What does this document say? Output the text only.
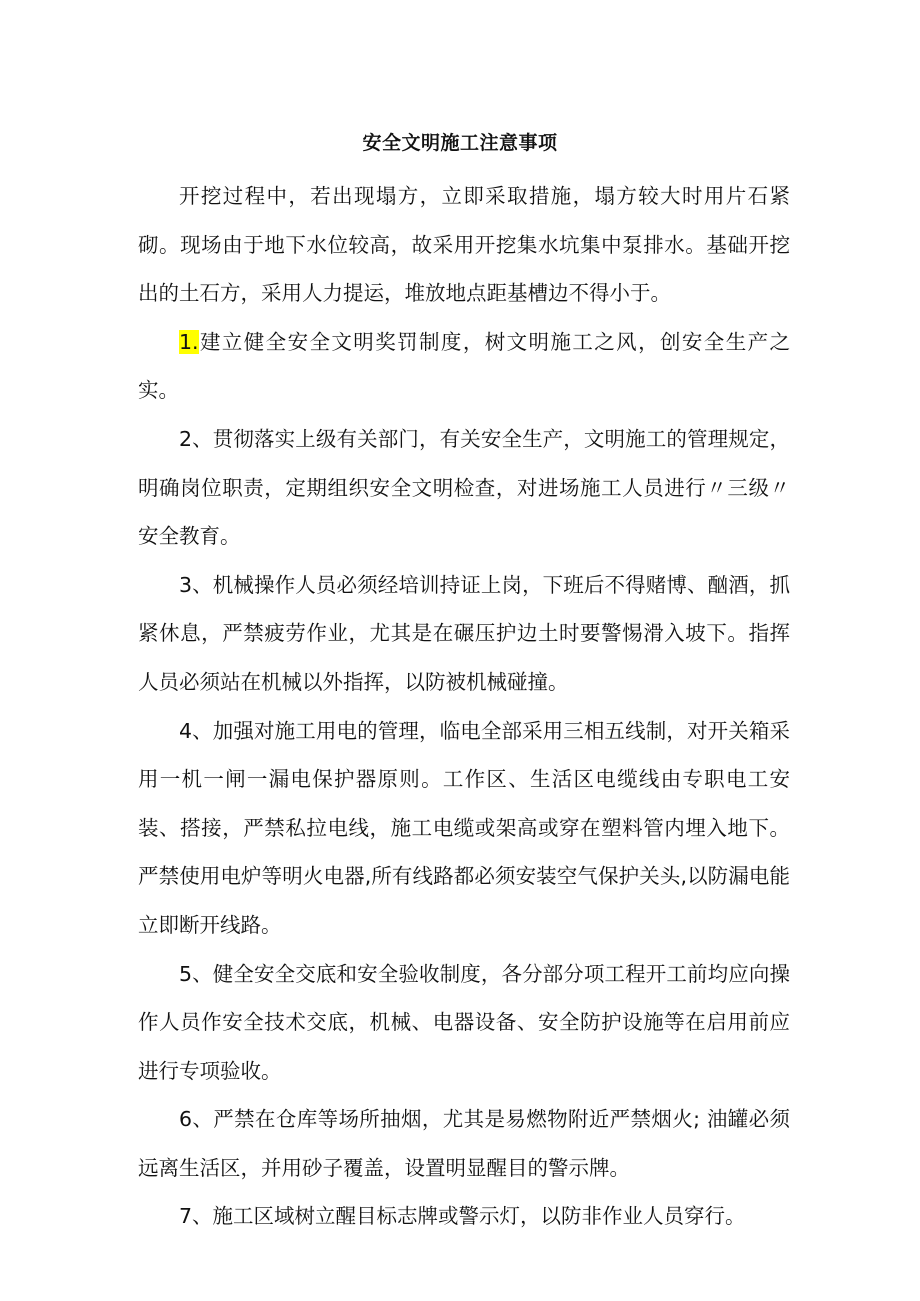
安全文明施工注意事项

开挖过程中，若出现塌方，立即采取措施，塌方较大时用片石紧砌。现场由于地下水位较高，故采用开挖集水坑集中泵排水。基础开挖出的土石方，采用人力提运，堆放地点距基槽边不得小于。

1.建立健全安全文明奖罚制度，树文明施工之风，创安全生产之实。

2、贯彻落实上级有关部门，有关安全生产，文明施工的管理规定，明确岗位职责，定期组织安全文明检查，对进场施工人员进行〃三级〃安全教育。

3、机械操作人员必须经培训持证上岗，下班后不得赌博、酗酒，抓紧休息，严禁疲劳作业，尤其是在碾压护边土时要警惕滑入坡下。指挥人员必须站在机械以外指挥，以防被机械碰撞。

4、加强对施工用电的管理，临电全部采用三相五线制，对开关箱采用一机一闸一漏电保护器原则。工作区、生活区电缆线由专职电工安装、搭接，严禁私拉电线，施工电缆或架高或穿在塑料管内埋入地下。严禁使用电炉等明火电器,所有线路都必须安装空气保护关头,以防漏电能立即断开线路。

5、健全安全交底和安全验收制度，各分部分项工程开工前均应向操作人员作安全技术交底，机械、电器设备、安全防护设施等在启用前应进行专项验收。

6、严禁在仓库等场所抽烟，尤其是易燃物附近严禁烟火; 油罐必须远离生活区，并用砂子覆盖，设置明显醒目的警示牌。

7、施工区域树立醒目标志牌或警示灯，以防非作业人员穿行。
